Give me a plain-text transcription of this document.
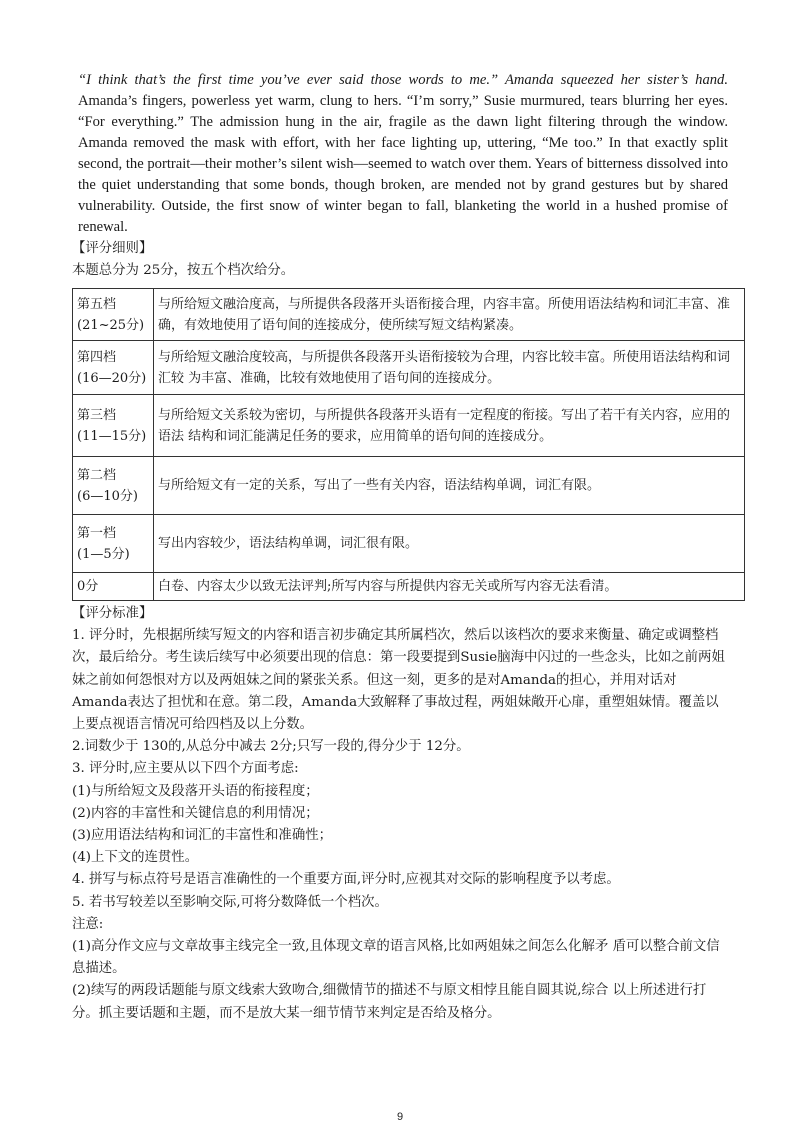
“I think that’s the first time you’ve ever said those words to me.” Amanda squeezed her sister’s hand. Amanda’s fingers, powerless yet warm, clung to hers. “I’m sorry,” Susie murmured, tears blurring her eyes. “For everything.” The admission hung in the air, fragile as the dawn light filtering through the window. Amanda removed the mask with effort, with her face lighting up, uttering, “Me too.” In that exactly split second, the portrait—their mother’s silent wish—seemed to watch over them. Years of bitterness dissolved into the quiet understanding that some bonds, though broken, are mended not by grand gestures but by shared vulnerability. Outside, the first snow of winter began to fall, blanketing the world in a hushed promise of renewal.

【评分细则】

本题总分为 25分，按五个档次给分。

第五档
(21~25分)	与所给短文融洽度高，与所提供各段落开头语衔接合理，内容丰富。所使用语法结构和词汇丰富、准确，有效地使用了语句间的连接成分，使所续写短文结构紧凑。
第四档
(16—20分)	与所给短文融洽度较高，与所提供各段落开头语衔接较为合理，内容比较丰富。所使用语法结构和词汇较 为丰富、准确，比较有效地使用了语句间的连接成分。
第三档
(11—15分)	与所给短文关系较为密切，与所提供各段落开头语有一定程度的衔接。写出了若干有关内容，应用的语法 结构和词汇能满足任务的要求，应用简单的语句间的连接成分。
第二档
(6—10分)	与所给短文有一定的关系，写出了一些有关内容，语法结构单调，词汇有限。
第一档
(1—5分)	写出内容较少，语法结构单调，词汇很有限。
0分	白卷、内容太少以致无法评判;所写内容与所提供内容无关或所写内容无法看清。

【评分标准】

1. 评分时，先根据所续写短文的内容和语言初步确定其所属档次，然后以该档次的要求来衡量、确定或调整档次，最后给分。考生读后续写中必须要出现的信息：第一段要提到Susie脑海中闪过的一些念头，比如之前两姐妹之前如何怨恨对方以及两姐妹之间的紧张关系。但这一刻，更多的是对Amanda的担心，并用对话对Amanda表达了担忧和在意。第二段，Amanda大致解释了事故过程，两姐妹敞开心扉，重塑姐妹情。覆盖以上要点视语言情况可给四档及以上分数。

2.词数少于 130的,从总分中减去 2分;只写一段的,得分少于 12分。

3. 评分时,应主要从以下四个方面考虑:

(1)与所给短文及段落开头语的衔接程度；

(2)内容的丰富性和关键信息的利用情况；

(3)应用语法结构和词汇的丰富性和准确性；

(4)上下文的连贯性。

4. 拼写与标点符号是语言准确性的一个重要方面,评分时,应视其对交际的影响程度予以考虑。

5. 若书写较差以至影响交际,可将分数降低一个档次。

注意:

(1)高分作文应与文章故事主线完全一致,且体现文章的语言风格,比如两姐妹之间怎么化解矛 盾可以整合前文信息描述。

(2)续写的两段话题能与原文线索大致吻合,细微情节的描述不与原文相悖且能自圆其说,综合 以上所述进行打分。抓主要话题和主题，而不是放大某一细节情节来判定是否给及格分。

9
